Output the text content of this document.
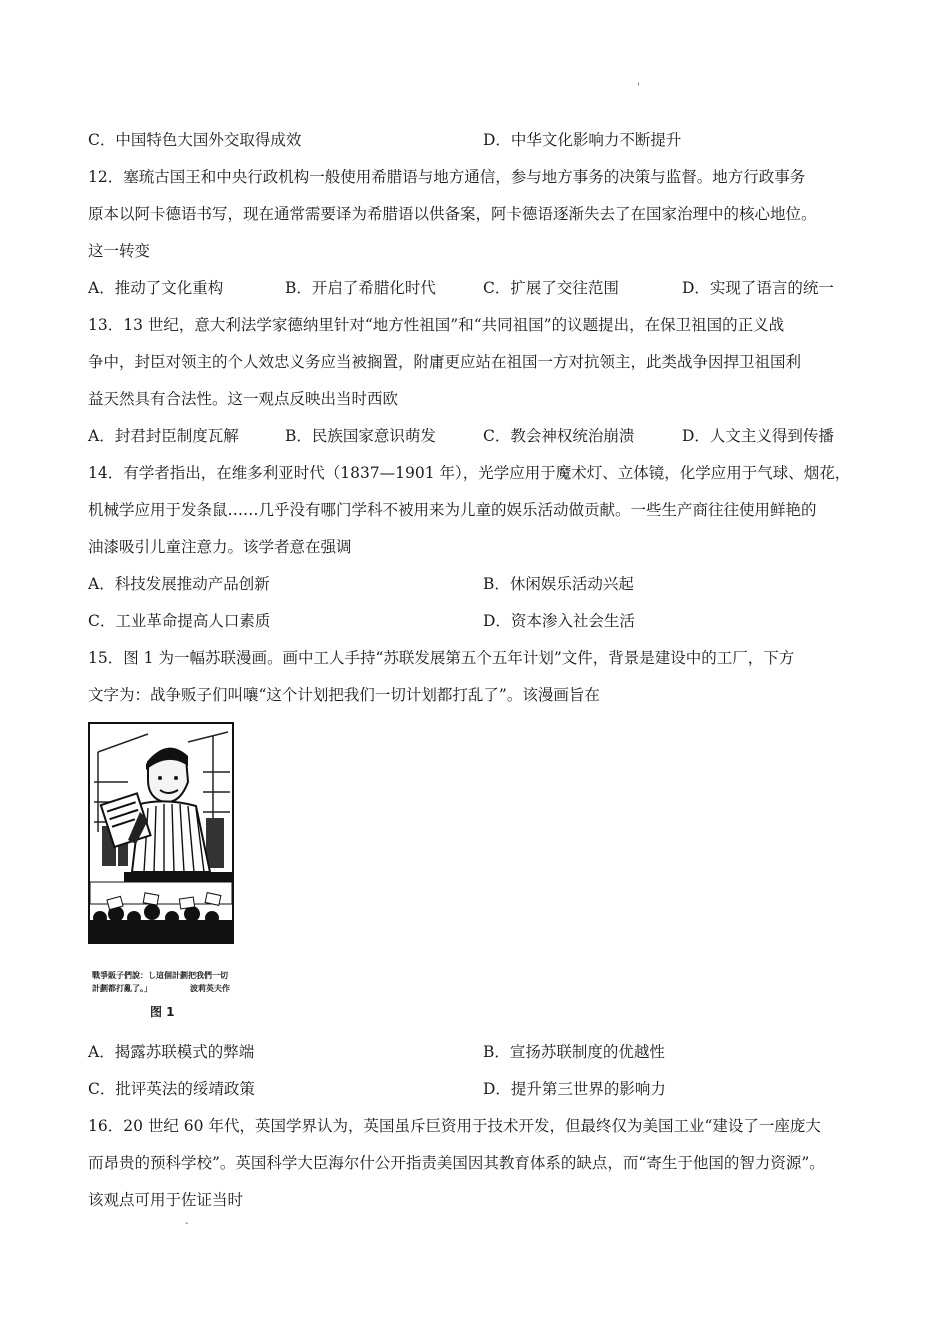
'
C．中国特色大国外交取得成效	D．中华文化影响力不断提升
12．塞琉古国王和中央行政机构一般使用希腊语与地方通信，参与地方事务的决策与监督。地方行政事务
原本以阿卡德语书写，现在通常需要译为希腊语以供备案，阿卡德语逐渐失去了在国家治理中的核心地位。
这一转变
A．推动了文化重构	B．开启了希腊化时代	C．扩展了交往范围	D．实现了语言的统一
13．13 世纪，意大利法学家德纳里针对“地方性祖国”和“共同祖国”的议题提出，在保卫祖国的正义战
争中，封臣对领主的个人效忠义务应当被搁置，附庸更应站在祖国一方对抗领主，此类战争因捍卫祖国利
益天然具有合法性。这一观点反映出当时西欧
A．封君封臣制度瓦解	B．民族国家意识萌发	C．教会神权统治崩溃	D．人文主义得到传播
14．有学者指出，在维多利亚时代（1837—1901 年），光学应用于魔术灯、立体镜，化学应用于气球、烟花，
机械学应用于发条鼠……几乎没有哪门学科不被用来为儿童的娱乐活动做贡献。一些生产商往往使用鲜艳的
油漆吸引儿童注意力。该学者意在强调
A．科技发展推动产品创新	B．休闲娱乐活动兴起
C．工业革命提高人口素质	D．资本渗入社会生活
15．图 1 为一幅苏联漫画。画中工人手持“苏联发展第五个五年计划”文件，背景是建设中的工厂，下方
文字为：战争贩子们叫嚷“这个计划把我们一切计划都打乱了”。该漫画旨在
戰爭販子們說：し這個計劃把我們一切
計劃都打亂了。」	波莉英夫作
图 1
A．揭露苏联模式的弊端	B．宣扬苏联制度的优越性
C．批评英法的绥靖政策	D．提升第三世界的影响力
16．20 世纪 60 年代，英国学界认为，英国虽斥巨资用于技术开发，但最终仅为美国工业“建设了一座庞大
而昂贵的预科学校”。英国科学大臣海尔什公开指责美国因其教育体系的缺点，而“寄生于他国的智力资源”。
该观点可用于佐证当时
-
